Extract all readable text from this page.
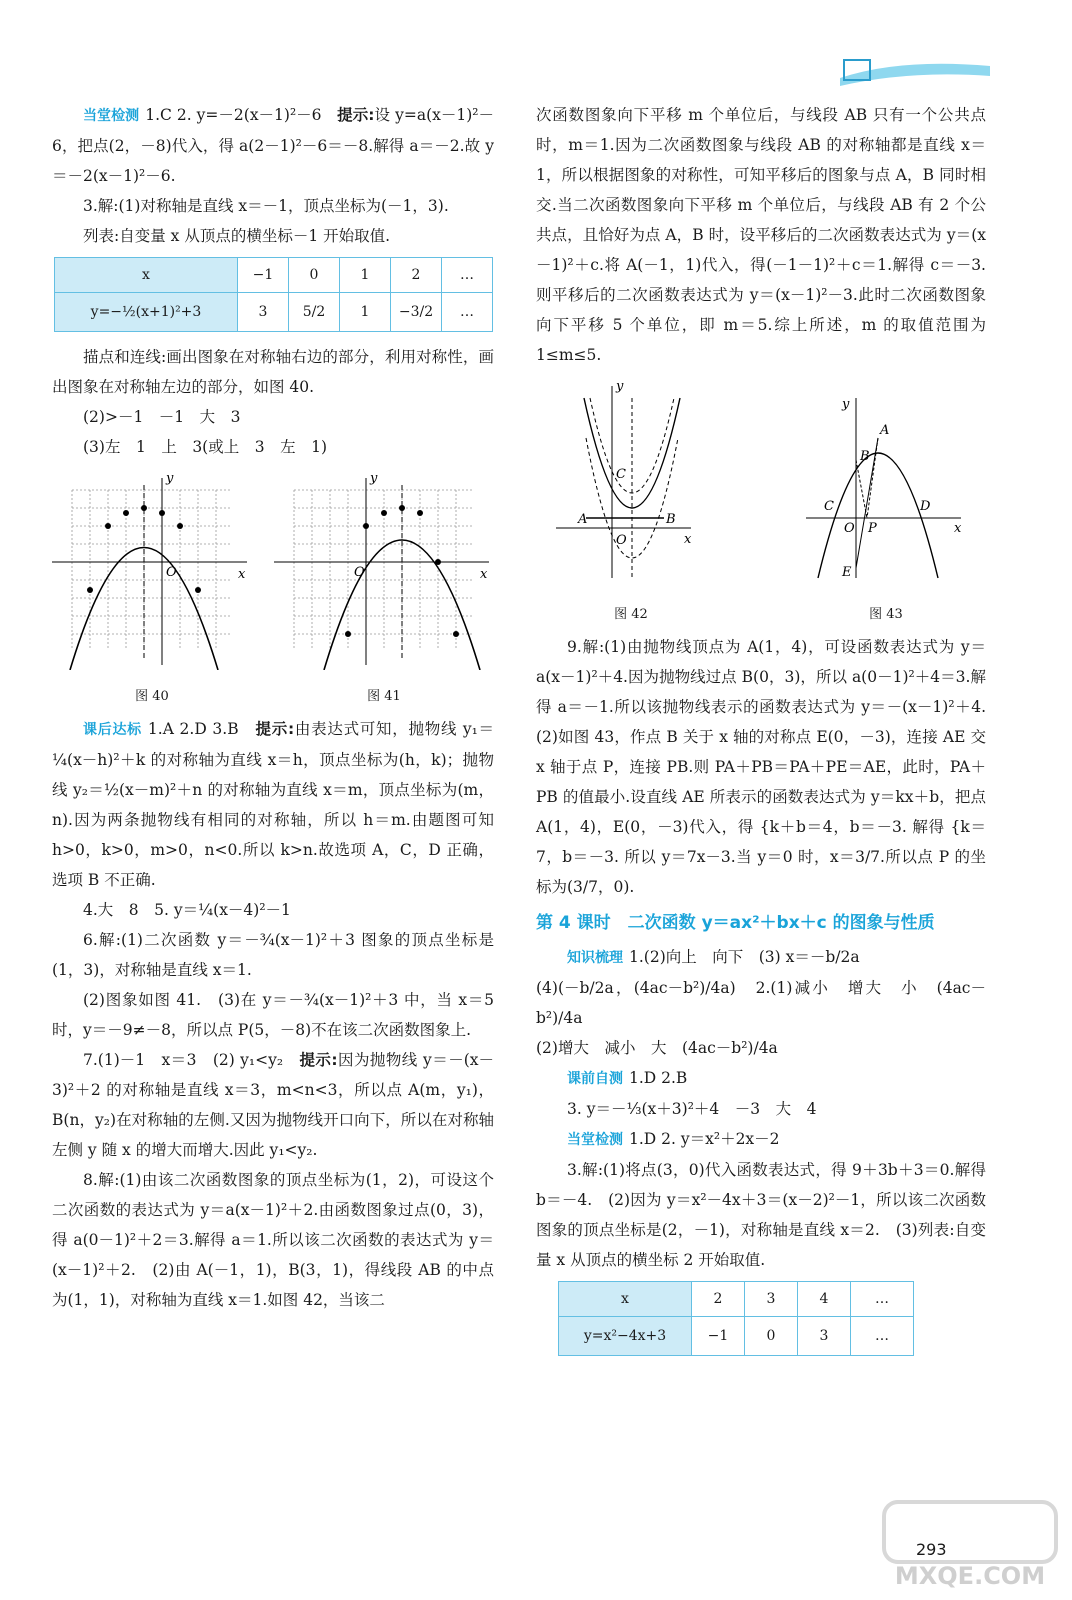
当堂检测 1.C 2. y=－2(x－1)²－6　 提示:设 y=a(x－1)²－6，把点(2，－8)代入，得 a(2－1)²－6＝－8.解得 a＝－2.故 y＝－2(x－1)²－6.

3.解:(1)对称轴是直线 x＝－1，顶点坐标为(－1，3).

列表:自变量 x 从顶点的横坐标－1 开始取值.

x	−1	0	1	2	…
y=−½(x+1)²+3	3	5/2	1	−3/2	…

描点和连线:画出图象在对称轴右边的部分，利用对称性，画出图象在对称轴左边的部分，如图 40.

(2)>－1　－1　大　3

(3)左　1　上　3(或上　3　左　1)

y
x
O
图 40
y
x
O
图 41

课后达标 1.A 2.D 3.B　 提示:由表达式可知，抛物线 y₁＝¼(x－h)²＋k 的对称轴为直线 x＝h，顶点坐标为(h，k)；抛物线 y₂＝½(x－m)²＋n 的对称轴为直线 x＝m，顶点坐标为(m，n).因为两条抛物线有相同的对称轴，所以 h＝m.由题图可知 h>0，k>0，m>0，n<0.所以 k>n.故选项 A，C，D 正确，选项 B 不正确.

4.大　8　5. y＝¼(x－4)²－1

6.解:(1)二次函数 y＝－¾(x－1)²＋3 图象的顶点坐标是(1，3)，对称轴是直线 x＝1.

(2)图象如图 41.　(3)在 y＝－¾(x－1)²＋3 中，当 x＝5 时，y＝－9≠－8，所以点 P(5，－8)不在该二次函数图象上.

7.(1)－1　x＝3　(2) y₁<y₂　 提示:因为抛物线 y＝－(x－3)²＋2 的对称轴是直线 x＝3，m<n<3，所以点 A(m，y₁)，B(n，y₂)在对称轴的左侧.又因为抛物线开口向下，所以在对称轴左侧 y 随 x 的增大而增大.因此 y₁<y₂.

8.解:(1)由该二次函数图象的顶点坐标为(1，2)，可设这个二次函数的表达式为 y＝a(x－1)²＋2.由函数图象过点(0，3)，得 a(0－1)²＋2＝3.解得 a＝1.所以该二次函数的表达式为 y＝(x－1)²＋2.　(2)由 A(－1，1)，B(3，1)，得线段 AB 的中点为(1，1)，对称轴为直线 x＝1.如图 42，当该二

次函数图象向下平移 m 个单位后，与线段 AB 只有一个公共点时，m＝1.因为二次函数图象与线段 AB 的对称轴都是直线 x＝1，所以根据图象的对称性，可知平移后的图象与点 A，B 同时相交.当二次函数图象向下平移 m 个单位后，与线段 AB 有 2 个公共点，且恰好为点 A，B 时，设平移后的二次函数表达式为 y＝(x－1)²＋c.将 A(－1，1)代入，得(－1－1)²＋c＝1.解得 c＝－3.则平移后的二次函数表达式为 y＝(x－1)²－3.此时二次函数图象向下平移 5 个单位，即 m＝5.综上所述，m 的取值范围为 1≤m≤5.

y
x
O
A	B
C
图 42
y
x
A
B
C	D
O P
E
图 43

9.解:(1)由抛物线顶点为 A(1，4)，可设函数表达式为 y＝a(x－1)²＋4.因为抛物线过点 B(0，3)，所以 a(0－1)²＋4＝3.解得 a＝－1.所以该抛物线表示的函数表达式为 y＝－(x－1)²＋4.　(2)如图 43，作点 B 关于 x 轴的对称点 E(0，－3)，连接 AE 交 x 轴于点 P，连接 PB.则 PA＋PB＝PA＋PE＝AE，此时，PA＋PB 的值最小.设直线 AE 所表示的函数表达式为 y＝kx＋b，把点 A(1，4)，E(0，－3)代入，得 {k＋b＝4，b＝－3. 解得 {k＝7，b＝－3. 所以 y＝7x－3.当 y＝0 时，x＝3/7.所以点 P 的坐标为(3/7，0).

第 4 课时　二次函数 y＝ax²＋bx＋c 的图象与性质

知识梳理 1.(2)向上　向下　(3) x＝－b/2a

(4)(－b/2a，(4ac－b²)/4a)　2.(1)减小　增大　小　(4ac－b²)/4a

(2)增大　减小　大　(4ac－b²)/4a

课前自测 1.D 2.B

3. y＝－⅓(x＋3)²＋4　－3　大　4

当堂检测 1.D 2. y＝x²＋2x－2

3.解:(1)将点(3，0)代入函数表达式，得 9＋3b＋3＝0.解得 b＝－4.　(2)因为 y＝x²－4x＋3＝(x－2)²－1，所以该二次函数图象的顶点坐标是(2，－1)，对称轴是直线 x＝2.　(3)列表:自变量 x 从顶点的横坐标 2 开始取值.

x	2	3	4	…
y=x²−4x+3	−1	0	3	…
293
MXQE.COM
